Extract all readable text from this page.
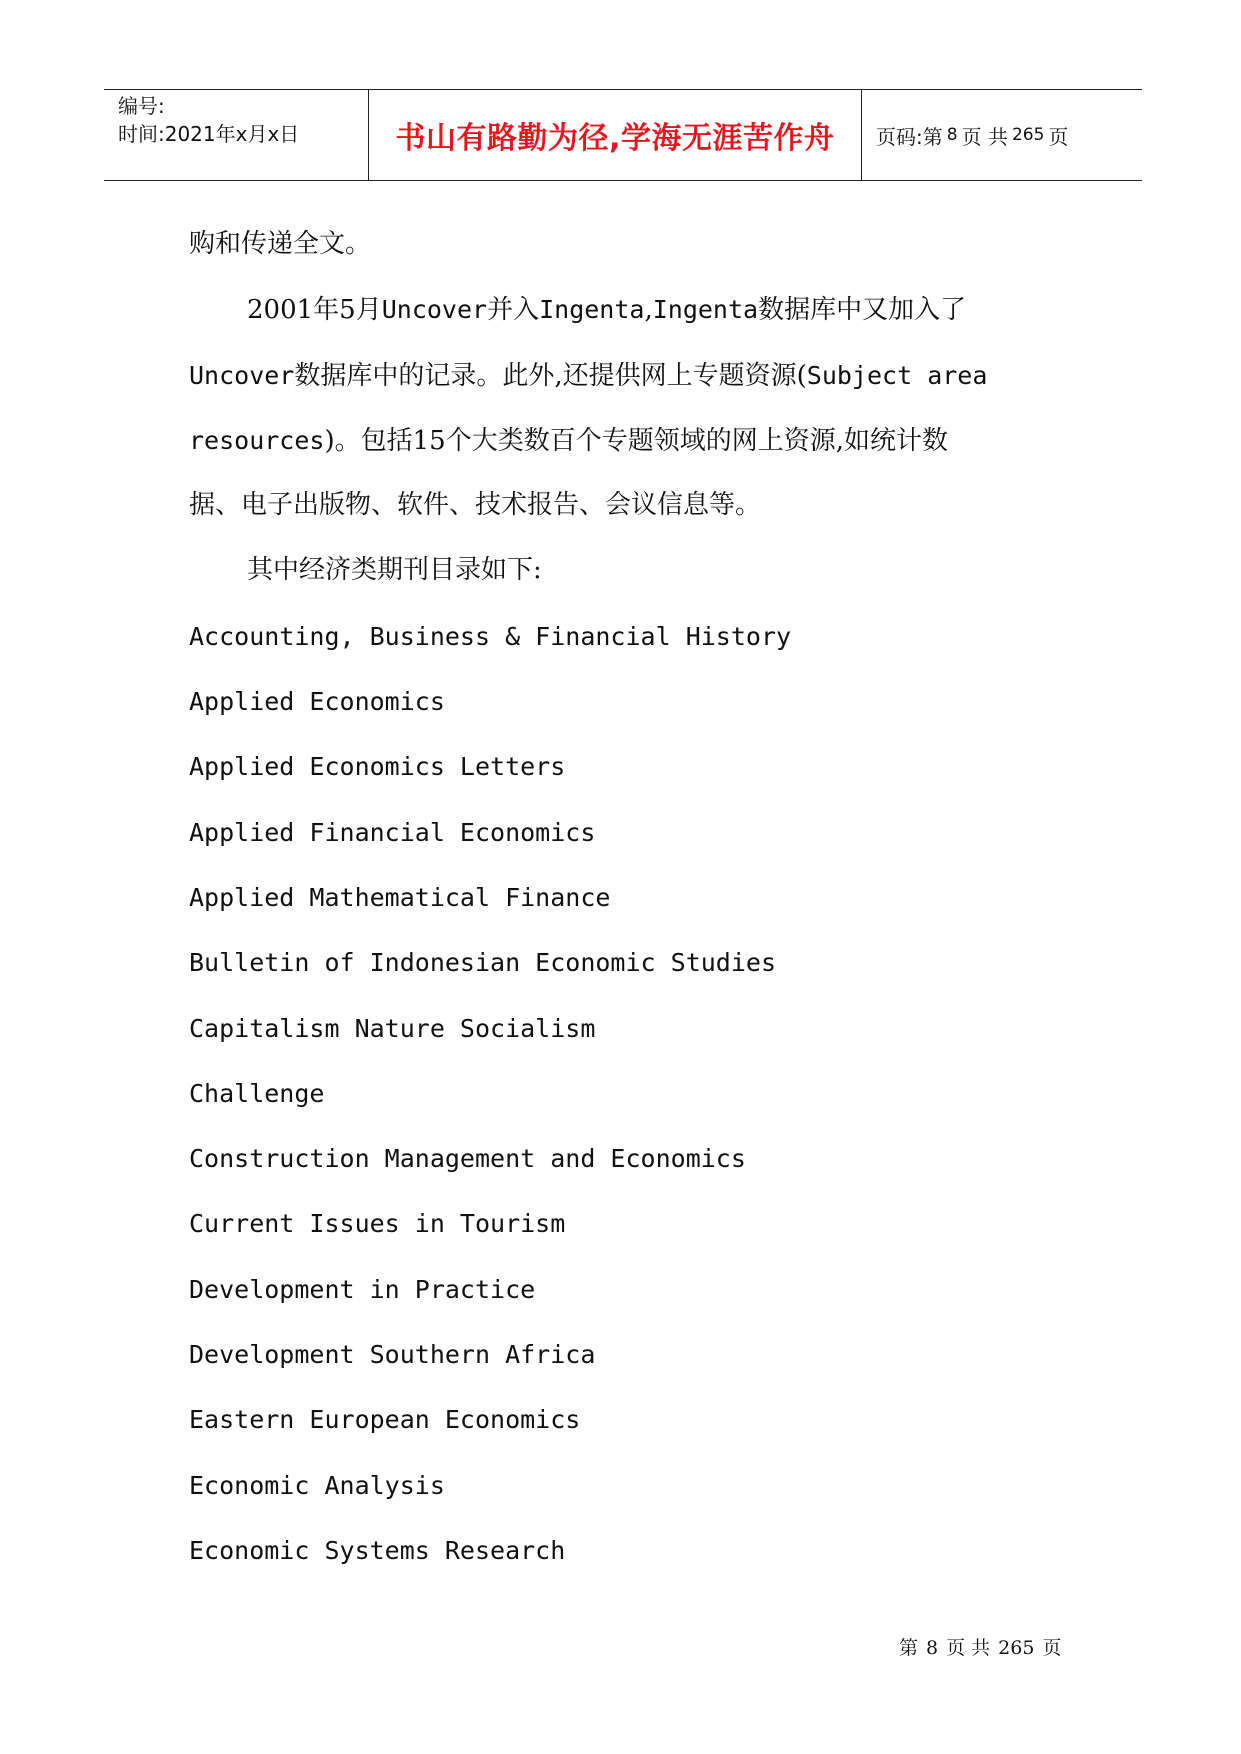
编号:
时间:2021年x月x日	书山有路勤为径,学海无涯苦作舟	页码:第 8 页 共 265 页
购和传递全文。
2001年5月Uncover并入Ingenta,Ingenta数据库中又加入了
Uncover数据库中的记录。此外,还提供网上专题资源(Subject area
resources)。包括15个大类数百个专题领域的网上资源,如统计数
据、电子出版物、软件、技术报告、会议信息等。
其中经济类期刊目录如下:
Accounting, Business & Financial History
Applied Economics
Applied Economics Letters
Applied Financial Economics
Applied Mathematical Finance
Bulletin of Indonesian Economic Studies
Capitalism Nature Socialism
Challenge
Construction Management and Economics
Current Issues in Tourism
Development in Practice
Development Southern Africa
Eastern European Economics
Economic Analysis
Economic Systems Research
第 8 页 共 265 页
